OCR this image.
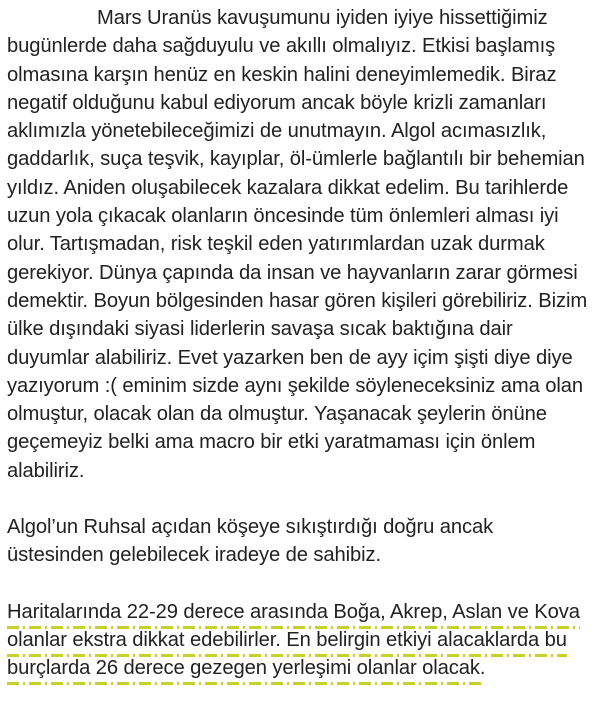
Mars Uranüs kavuşumunu iyiden iyiye hissettiğimiz bugünlerde daha sağduyulu ve akıllı olmalıyız. Etkisi başlamış olmasına karşın henüz en keskin halini deneyimlemedik. Biraz negatif olduğunu kabul ediyorum ancak böyle krizli zamanları aklımızla yönetebileceğimizi de unutmayın. Algol acımasızlık, gaddarlık, suça teşvik, kayıplar, öl-ümlerle bağlantılı bir behemian yıldız. Aniden oluşabilecek kazalara dikkat edelim. Bu tarihlerde uzun yola çıkacak olanların öncesinde tüm önlemleri alması iyi olur. Tartışmadan, risk teşkil eden yatırımlardan uzak durmak gerekiyor. Dünya çapında da insan ve hayvanların zarar görmesi demektir. Boyun bölgesinden hasar gören kişileri görebiliriz. Bizim ülke dışındaki siyasi liderlerin savaşa sıcak baktığına dair duyumlar alabiliriz. Evet yazarken ben de ayy içim şişti diye diye yazıyorum :( eminim sizde aynı şekilde söyleneceksiniz ama olan olmuştur, olacak olan da olmuştur. Yaşanacak şeylerin önüne geçemeyiz belki ama macro bir etki yaratmaması için önlem alabiliriz.

Algol’un Ruhsal açıdan köşeye sıkıştırdığı doğru ancak üstesinden gelebilecek iradeye de sahibiz.

Haritalarında 22-29 derece arasında Boğa, Akrep, Aslan ve Kova olanlar ekstra dikkat edebilirler. En belirgin etkiyi alacaklarda bu burçlarda 26 derece gezegen yerleşimi olanlar olacak.
